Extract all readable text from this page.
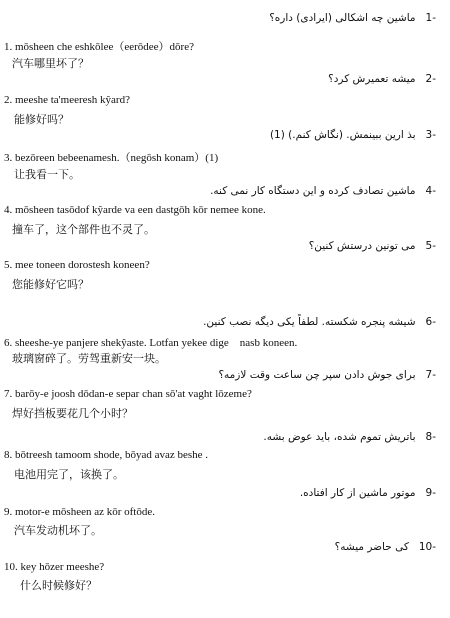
-1ماشین چه اشکالی (ایرادی) داره؟
1. mōsheen che eshkōlee（eerōdee）dōre?
汽车哪里坏了？
-2میشه تعمیرش کرد؟
2. meeshe ta'meeresh kŷard?
能修好吗？
-3بذ ارین ببینمش. (نگاش کنم.) (1)
3. bezōreen bebeenamesh.（negōsh konam）(1)
让我看一下。
-4ماشین تصادف کرده و این دستگاه کار نمی کنه.
4. mōsheen tasōdof kŷarde va een dastgōh kōr nemee kone.
撞车了，这个部件也不灵了。
-5می تونین درستش کنین؟
5. mee toneen dorostesh koneen?
您能修好它吗？
-6شیشه پنجره شکسته. لطفاً یکی دیگه نصب کنین.
6. sheeshe-ye panjere shekŷaste. Lotfan yekee dige　nasb koneen.
玻璃窗碎了。劳驾重新安一块。
-7برای جوش دادن سپر چن ساعت وقت لازمه؟
7. barōy-e joosh dōdan-e separ chan sō'at vaght lōzeme?
焊好挡板要花几个小时？
-8باتریش تموم شده، باید عوض بشه.
8. bōtreesh tamoom shode, bōyad avaz beshe .
电池用完了，该换了。
-9موتور ماشین از کار افتاده.
9. motor-e mōsheen az kōr oftōde.
汽车发动机坏了。
-10کی حاضر میشه؟
10. key hōzer meeshe?
什么时候修好？
